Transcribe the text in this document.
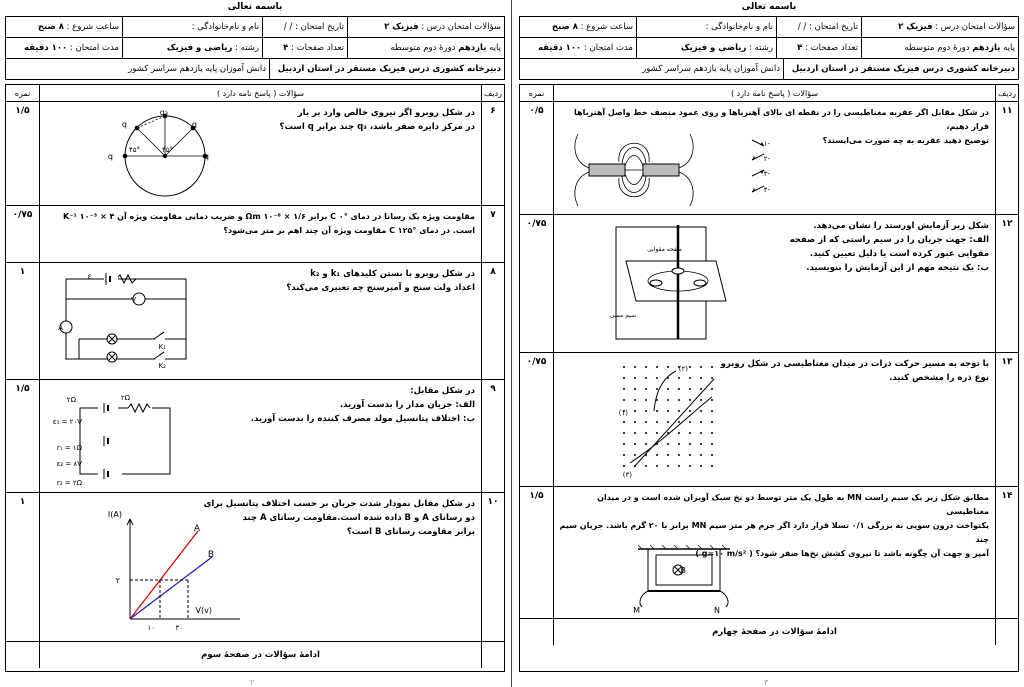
باسمه تعالی
سؤالات امتحان درس :

فیزیک ۲
تاریخ امتحان : / /
نام و نام‌خانوادگی :
ساعت شروع :

۸ صبح
پایه

یازدهم

دورهٔ دوم متوسطه
تعداد صفحات :

۴
رشته :

ریاضی و فیزیک
مدت امتحان :

۱۰۰ دقیقه
دبیرخانه کشوری درس فیزیک مستقر در استان اردبیل
دانش آموزان پایه یازدهم سراسر کشور
ردیف
سؤالات ( پاسخ نامه دارد )
نمره
۶
در شکل روبرو اگر نیروی خالص وارد بر بار
در مرکز دایره صفر باشد، q₃ چند برابر q است؟
q₃
q	q
q	q
۴۵°	۴۵°
۱/۵
۷
مقاومت ویژه یک رسانا در دمای °C ۰ برابر Ωm ۱۰⁻⁸ × ۱/۶ و ضریب دمایی مقاومت ویژه آن K⁻¹ ۱۰⁻³ × ۴
است. در دمای °C ۱۲۵ مقاومت ویژه آن چند اهم بر متر می‌شود؟
۰/۷۵
۸
در شکل روبرو با بستن کلیدهای k₁ و k₂
اعداد ولت سنج و آمپرسنج چه تغییری می‌کند؟
ε
V
A
K₁
K₂
۱
۹
در شکل مقابل:
الف: جریان مدار را بدست آورید.
ب: اختلاف پتانسیل مولد مصرف کننده را بدست آورید.
۲Ω	۲Ω
ε₁ = ۲۰V
r₁ = ۱Ω
ε₂ = ۸V
r₂ = ۲Ω
۱/۵
۱۰
در شکل مقابل نمودار شدت جریان بر حسب اختلاف پتانسیل برای
دو رسانای A و B داده شده است.مقاومت رسانای A چند
برابر مقاومت رسانای B است؟
I(A)
V(v)
A
B
۲
۱۰	۳۰
۱
ادامهٔ سؤالات در صفحهٔ سوم
۲
باسمه تعالی
سؤالات امتحان درس :

فیزیک ۲
تاریخ امتحان : / /
نام و نام‌خانوادگی :
ساعت شروع :

۸ صبح
پایه

یازدهم

دورهٔ دوم متوسطه
تعداد صفحات :

۴
رشته :

ریاضی و فیزیک
مدت امتحان :

۱۰۰ دقیقه
دبیرخانه کشوری درس فیزیک مستقر در استان اردبیل
دانش آموزان پایه یازدهم سراسر کشور
ردیف
سؤالات ( پاسخ نامه دارد )
نمره
۱۱
در شکل مقابل اگر عقربه مغناطیسی را در نقطه ای بالای آهنرباها و روی عمود منصف خط واصل آهنرباها قرار دهیم،
توضیح دهید عقربه به چه صورت می‌ایستد؟
-۱
-۲
-۳
-۴
۰/۵
۱۲
شکل زیر آزمایش اورستد را نشان می‌دهد.
الف: جهت جریان را در سیم راستی که از صفحه
مقوایی عبور کرده است با دلیل تعیین کنید.
ب: یک نتیجه مهم از این آزمایش را بنویسید.
صفحه مقوایی
سیم مسی
۰/۷۵
۱۳
با توجه به مسیر حرکت ذرات در میدان مغناطیسی در شکل روبرو
نوع ذره را مشخص کنید.
(۱)
(۲)
(۳)
۰/۷۵
۱۴
مطابق شکل زیر یک سیم راست MN به طول یک متر توسط دو نخ سبک آویزان شده است و در میدان مغناطیسی
یکنواخت درون سویی به بزرگی ۰/۱ تسلا قرار دارد اگر جرم هر متر سیم MN برابر با ۲۰ گرم باشد. جریان سیم چند
آمپر و جهت آن چگونه باشد تا نیروی کشش نخ‌ها صفر شود؟ ( g=۱۰ m/s² )
B
M	N
۱/۵
ادامهٔ سؤالات در صفحهٔ چهارم
۳
